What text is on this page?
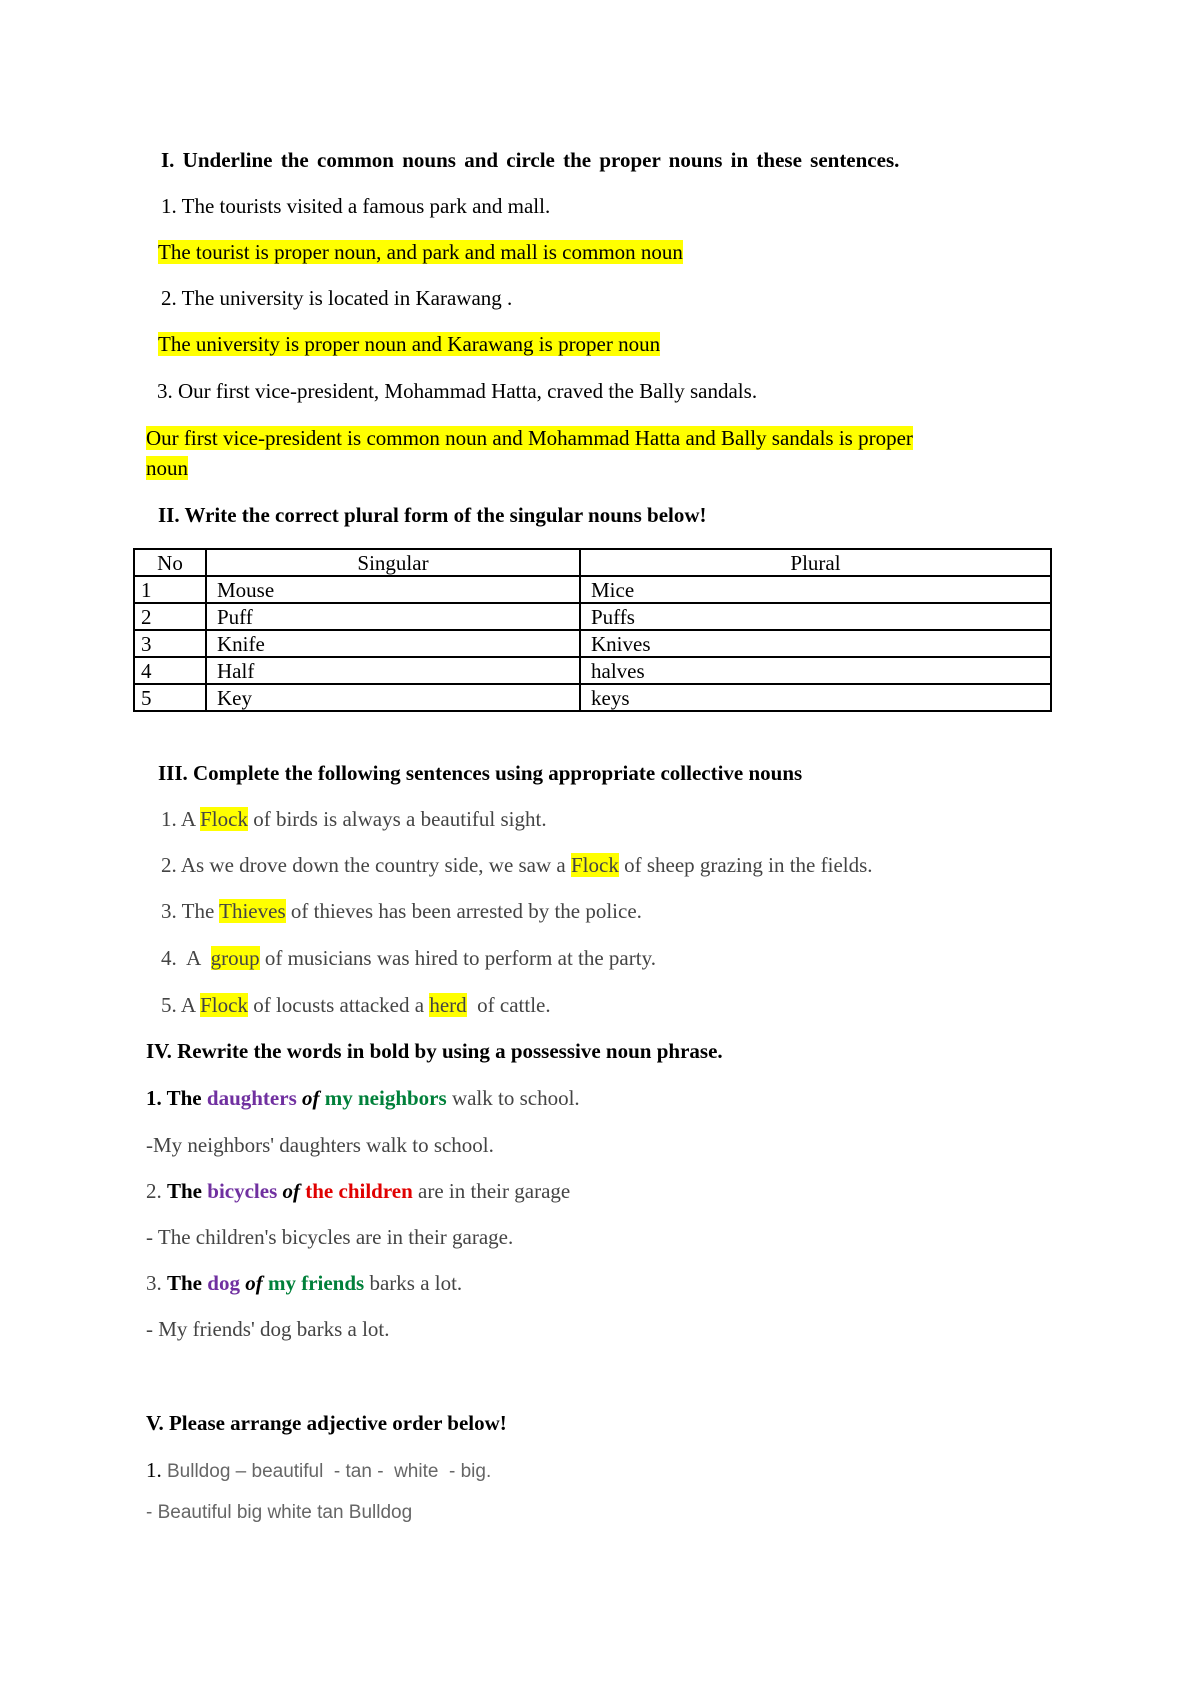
I. Underline the common nouns and circle the proper nouns in these sentences.
1. The tourists visited a famous park and mall.
The tourist is proper noun, and park and mall is common noun
2. The university is located in Karawang .
The university is proper noun and Karawang is proper noun
3. Our first vice-president, Mohammad Hatta, craved the Bally sandals.
Our first vice-president is common noun and Mohammad Hatta and Bally sandals is proper
noun
II. Write the correct plural form of the singular nouns below!
No	Singular	Plural
1	Mouse	Mice
2	Puff	Puffs
3	Knife	Knives
4	Half	halves
5	Key	keys
III. Complete the following sentences using appropriate collective nouns
1. A Flock of birds is always a beautiful sight.
2. As we drove down the country side, we saw a Flock of sheep grazing in the fields.
3. The Thieves of thieves has been arrested by the police.
4.  A  group of musicians was hired to perform at the party.
5. A Flock of locusts attacked a herd  of cattle.
IV. Rewrite the words in bold by using a possessive noun phrase.
1. The daughters of my neighbors walk to school.
-My neighbors' daughters walk to school.
2. The bicycles of the children are in their garage
- The children's bicycles are in their garage.
3. The dog of my friends barks a lot.
- My friends' dog barks a lot.
V. Please arrange adjective order below!
1. Bulldog – beautiful  - tan -  white  - big.
- Beautiful big white tan Bulldog
